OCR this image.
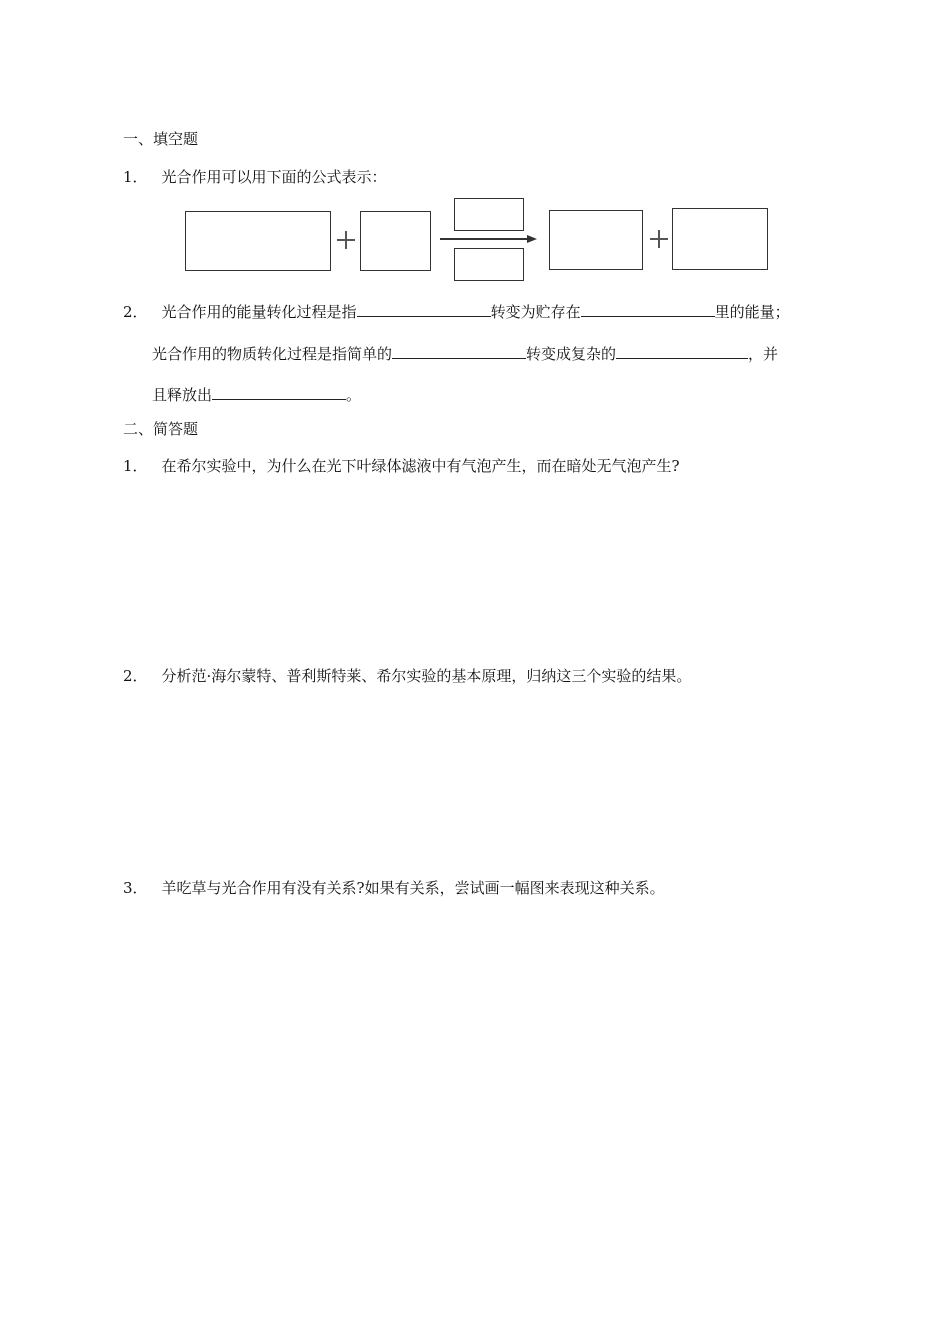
一、填空题
1． 光合作用可以用下面的公式表示：
2． 光合作用的能量转化过程是指	转变为贮存在	里的能量；
光合作用的物质转化过程是指简单的	转变成复杂的	，并
且释放出	。
二、简答题
1． 在希尔实验中，为什么在光下叶绿体滤液中有气泡产生，而在暗处无气泡产生?
2． 分析范·海尔蒙特、普利斯特莱、希尔实验的基本原理，归纳这三个实验的结果。
3． 羊吃草与光合作用有没有关系?如果有关系，尝试画一幅图来表现这种关系。
